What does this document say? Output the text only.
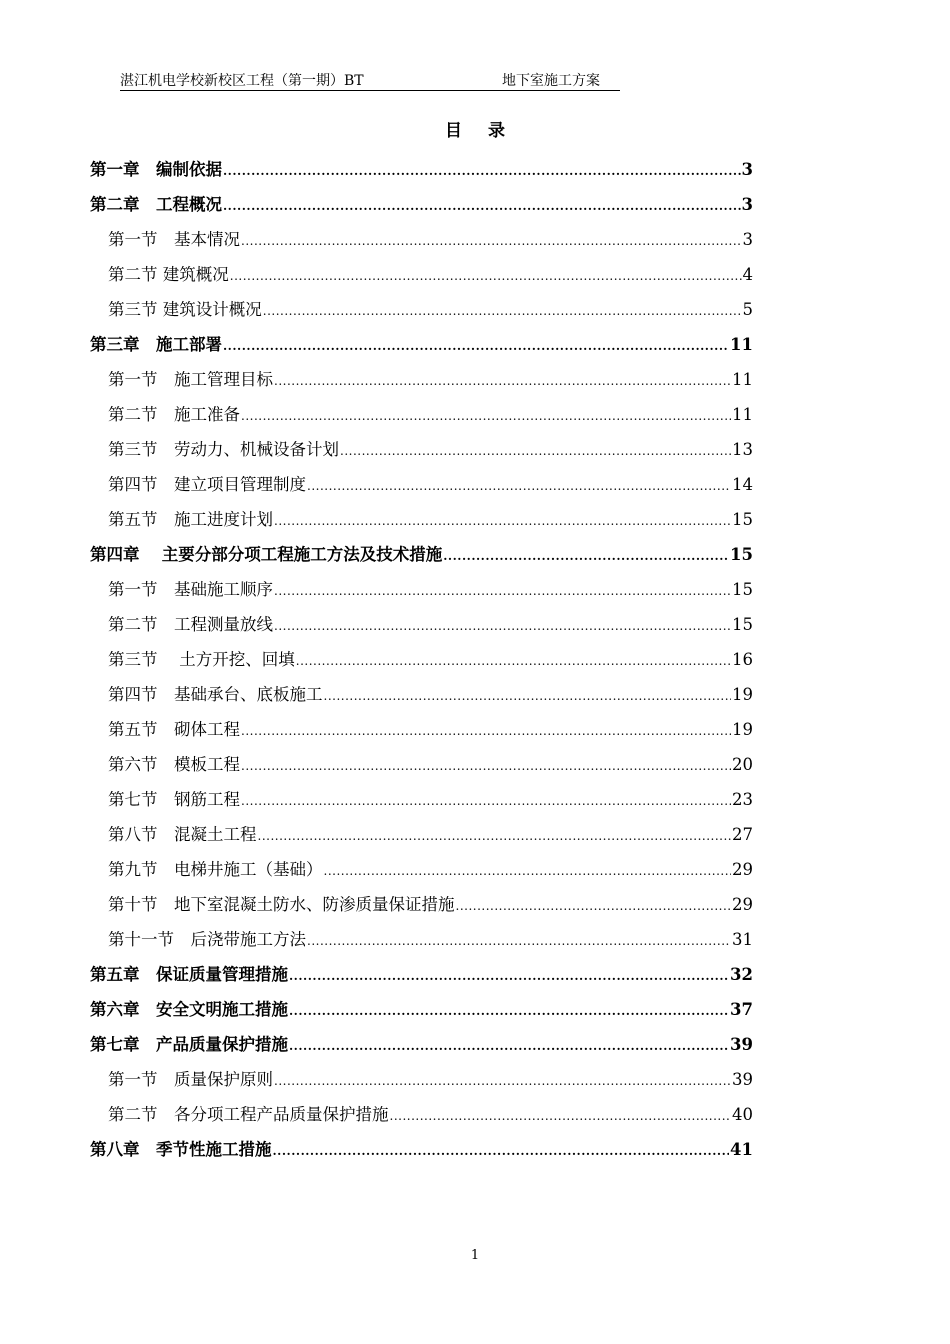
湛江机电学校新校区工程（第一期）BT	地下室施工方案
目 录
第一章　编制依据 .....	3
第二章　工程概况 .....	3
第一节　基本情况 .....	3
第二节 建筑概况 .....	4
第三节 建筑设计概况 .....	5
第三章　施工部署 .....	11
第一节　施工管理目标 .....	11
第二节　施工准备 .....	11
第三节　劳动力、机械设备计划 .....	13
第四节　建立项目管理制度 .....	14
第五节　施工进度计划 .....	15
第四章　 主要分部分项工程施工方法及技术措施 .....	15
第一节　基础施工顺序 .....	15
第二节　工程测量放线 .....	15
第三节　 土方开挖、回填 .....	16
第四节　基础承台、底板施工 .....	19
第五节　砌体工程 .....	19
第六节　模板工程 .....	20
第七节　钢筋工程 .....	23
第八节　混凝土工程 .....	27
第九节　电梯井施工（基础） .....	29
第十节　地下室混凝土防水、防渗质量保证措施 .....	29
第十一节　后浇带施工方法 .....	31
第五章　保证质量管理措施 .....	32
第六章　安全文明施工措施 .....	37
第七章　产品质量保护措施 .....	39
第一节　质量保护原则 .....	39
第二节　各分项工程产品质量保护措施 .....	40
第八章　季节性施工措施 .....	41
1
